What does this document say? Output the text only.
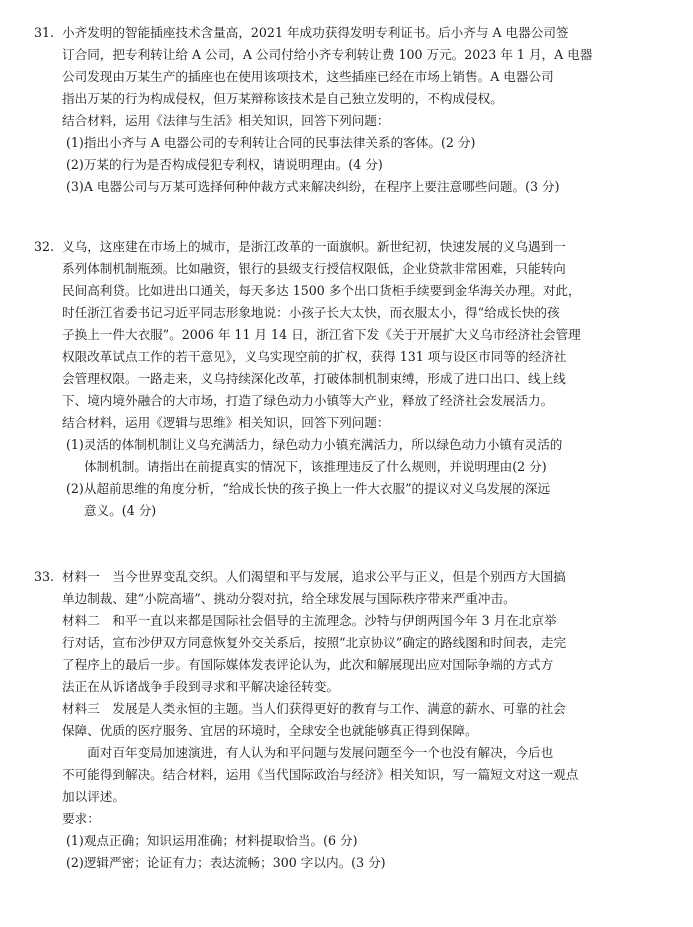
31. 小齐发明的智能插座技术含量高，2021 年成功获得发明专利证书。后小齐与 A 电器公司签
订合同，把专利转让给 A 公司，A 公司付给小齐专利转让费 100 万元。2023 年 1 月，A 电器
公司发现由万某生产的插座也在使用该项技术，这些插座已经在市场上销售。A 电器公司
指出万某的行为构成侵权，但万某辩称该技术是自己独立发明的，不构成侵权。
结合材料，运用《法律与生活》相关知识，回答下列问题：
(1)指出小齐与 A 电器公司的专利转让合同的民事法律关系的客体。(2 分)
(2)万某的行为是否构成侵犯专利权，请说明理由。(4 分)
(3)A 电器公司与万某可选择何种仲裁方式来解决纠纷，在程序上要注意哪些问题。(3 分)
32. 义乌，这座建在市场上的城市，是浙江改革的一面旗帜。新世纪初，快速发展的义乌遇到一
系列体制机制瓶颈。比如融资，银行的县级支行授信权限低，企业贷款非常困难，只能转向
民间高利贷。比如进出口通关，每天多达 1500 多个出口货柜手续要到金华海关办理。对此，
时任浙江省委书记习近平同志形象地说：小孩子长大太快，而衣服太小，得“给成长快的孩
子换上一件大衣服”。2006 年 11 月 14 日，浙江省下发《关于开展扩大义乌市经济社会管理
权限改革试点工作的若干意见》，义乌实现空前的扩权，获得 131 项与设区市同等的经济社
会管理权限。一路走来，义乌持续深化改革，打破体制机制束缚，形成了进口出口、线上线
下、境内境外融合的大市场，打造了绿色动力小镇等大产业，释放了经济社会发展活力。
结合材料，运用《逻辑与思维》相关知识，回答下列问题：
(1)灵活的体制机制让义乌充满活力，绿色动力小镇充满活力，所以绿色动力小镇有灵活的
体制机制。请指出在前提真实的情况下，该推理违反了什么规则，并说明理由(2 分)
(2)从超前思维的角度分析，“给成长快的孩子换上一件大衣服”的提议对义乌发展的深远
意义。(4 分)
33. 材料一　当今世界变乱交织。人们渴望和平与发展，追求公平与正义，但是个别西方大国搞
单边制裁、建“小院高墙”、挑动分裂对抗，给全球发展与国际秩序带来严重冲击。
材料二　和平一直以来都是国际社会倡导的主流理念。沙特与伊朗两国今年 3 月在北京举
行对话，宣布沙伊双方同意恢复外交关系后，按照“北京协议”确定的路线图和时间表，走完
了程序上的最后一步。有国际媒体发表评论认为，此次和解展现出应对国际争端的方式方
法正在从诉诸战争手段到寻求和平解决途径转变。
材料三　发展是人类永恒的主题。当人们获得更好的教育与工作、满意的薪水、可靠的社会
保障、优质的医疗服务、宜居的环境时，全球安全也就能够真正得到保障。
　　面对百年变局加速演进，有人认为和平问题与发展问题至今一个也没有解决，今后也
不可能得到解决。结合材料，运用《当代国际政治与经济》相关知识，写一篇短文对这一观点
加以评述。
要求：
(1)观点正确；知识运用准确；材料提取恰当。(6 分)
(2)逻辑严密；论证有力；表达流畅；300 字以内。(3 分)
